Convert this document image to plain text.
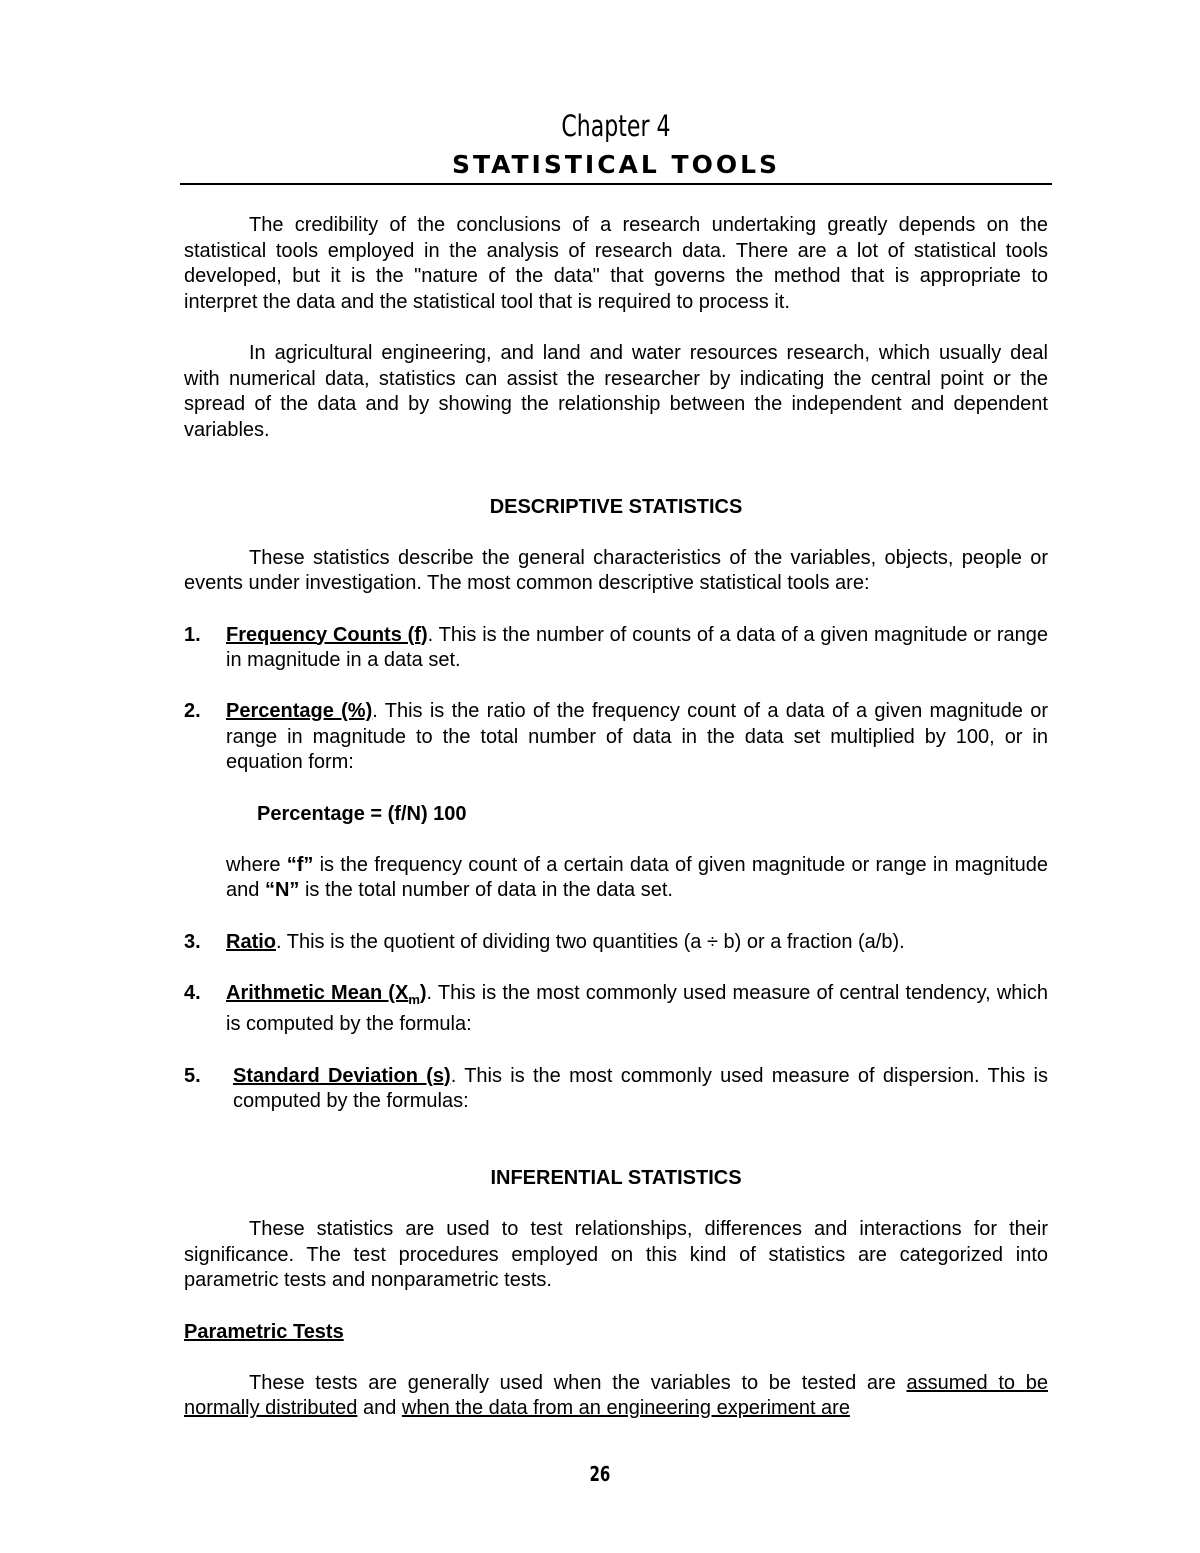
Chapter 4
STATISTICAL TOOLS

The credibility of the conclusions of a research undertaking greatly depends on the statistical tools employed in the analysis of research data. There are a lot of statistical tools developed, but it is the "nature of the data" that governs the method that is appropriate to interpret the data and the statistical tool that is required to process it.

In agricultural engineering, and land and water resources research, which usually deal with numerical data, statistics can assist the researcher by indicating the central point or the spread of the data and by showing the relationship between the independent and dependent variables.

DESCRIPTIVE STATISTICS

These statistics describe the general characteristics of the variables, objects, people or events under investigation. The most common descriptive statistical tools are:

1. Frequency Counts (f). This is the number of counts of a data of a given magnitude or range in magnitude in a data set.
2. Percentage (%). This is the ratio of the frequency count of a data of a given magnitude or range in magnitude to the total number of data in the data set multiplied by 100, or in equation form:
Percentage = (f/N) 100
where “f” is the frequency count of a certain data of given magnitude or range in magnitude and “N” is the total number of data in the data set.
3. Ratio. This is the quotient of dividing two quantities (a ÷ b) or a fraction (a/b).
4. Arithmetic Mean $(X_m)$. This is the most commonly used measure of central tendency, which is computed by the formula:
5. Standard Deviation (s). This is the most commonly used measure of dispersion. This is computed by the formulas:
INFERENTIAL STATISTICS

These statistics are used to test relationships, differences and interactions for their significance. The test procedures employed on this kind of statistics are categorized into parametric tests and nonparametric tests.

Parametric Tests

These tests are generally used when the variables to be tested are assumed to be normally distributed and when the data from an engineering experiment are

26
